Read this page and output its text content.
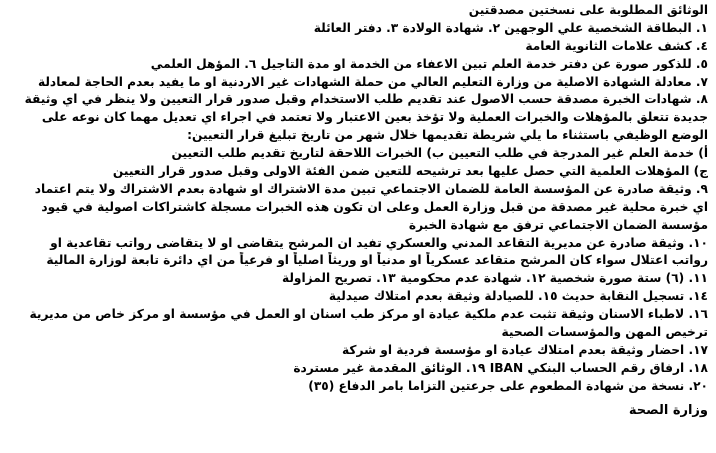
الوثائق المطلوبة على نسختين مصدقتين
١. البطاقة الشخصية علي الوجهين ٢. شهادة الولادة ٣. دفتر العائلة
٤. كشف علامات الثانوية العامة
٥. للذكور صورة عن دفتر خدمة العلم تبين الاعفاء من الخدمة او مدة التاجيل ٦. المؤهل العلمي
٧. معادلة الشهادة الاصلية من وزارة التعليم العالي من حملة الشهادات غير الاردنية او ما يفيد بعدم الحاجة لمعادلة
٨. شهادات الخبرة مصدقة حسب الاصول عند تقديم طلب الاستخدام وقبل صدور قرار التعيين ولا ينظر في اي وثيقة
جديدة تتعلق بالمؤهلات والخبرات العملية ولا تؤخذ بعين الاعتبار ولا تعتمد في اجراء اي تعديل مهما كان نوعه على
الوضع الوظيفي باستثناء ما يلي شريطة تقديمها خلال شهر من تاريخ تبليغ قرار التعيين:
أ) خدمة العلم غير المدرجة في طلب التعيين ب) الخبرات اللاحقة لتاريخ تقديم طلب التعيين
ج) المؤهلات العلمية التي حصل عليها بعد ترشيحه للتعين ضمن الفئة الاولى وقبل صدور قرار التعيين
٩. وثيقة صادرة عن المؤسسة العامة للضمان الاجتماعي تبين مدة الاشتراك او شهادة بعدم الاشتراك ولا يتم اعتماد
اي خبرة محلية غير مصدقة من قبل وزارة العمل وعلى ان تكون هذه الخبرات مسجلة كاشتراكات اصولية في قيود
مؤسسة الضمان الاجتماعي ترفق مع شهادة الخبرة
١٠. وثيقة صادرة عن مديرية التقاعد المدني والعسكري تفيد ان المرشح يتقاضى او لا يتقاضى رواتب تقاعدية او
رواتب اعتلال سواء كان المرشح متقاعد عسكرياً او مدنياً او وريثاً اصلياً او فرعياً من اي دائرة تابعة لوزارة المالية
١١. (٦) ستة صورة شخصية ١٢. شهادة عدم محكومية ١٣. تصريح المزاولة
١٤. تسجيل النقابة حديث ١٥. للصيادلة وثيقة بعدم امتلاك صيدلية
١٦. لاطباء الاسنان وثيقة تثبت عدم ملكية عيادة او مركز طب اسنان او العمل في مؤسسة او مركز خاص من مديرية
ترخيص المهن والمؤسسات الصحية
١٧. احضار وثيقة بعدم امتلاك عيادة او مؤسسة فردية او شركة
١٨. ارفاق رقم الحساب البنكي IBAN ١٩. الوثائق المقدمة غير مستردة
٢٠. نسخة من شهادة المطعوم على جرعتين التزاما بامر الدفاع (٣٥)
وزارة الصحة
